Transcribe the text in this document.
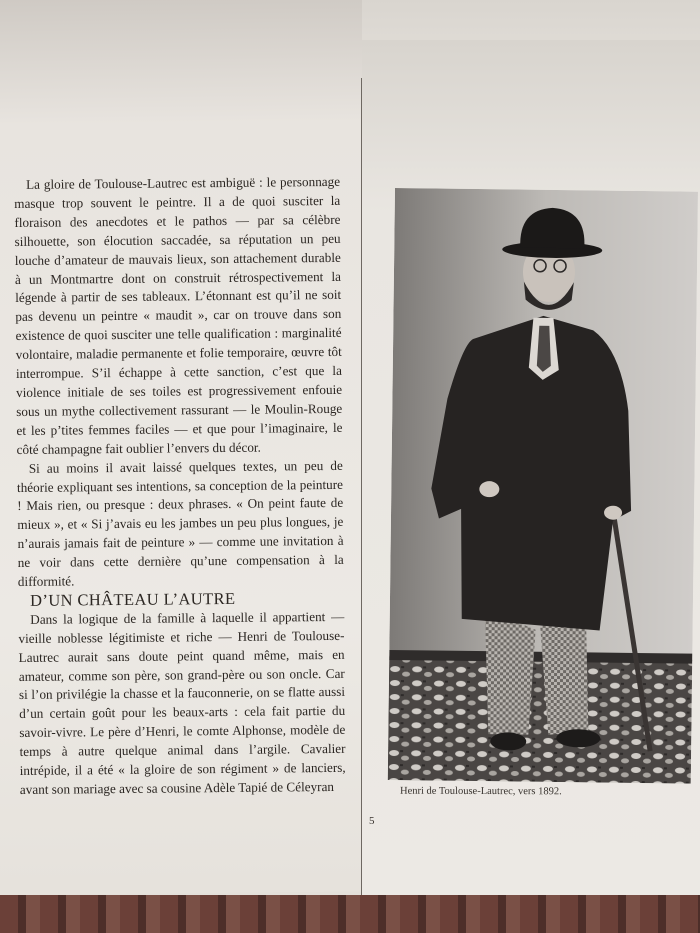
La gloire de Toulouse-Lautrec est ambiguë : le personnage masque trop souvent le peintre. Il a de quoi susciter la floraison des anecdotes et le pathos — par sa célèbre silhouette, son élocution saccadée, sa réputation un peu louche d’amateur de mauvais lieux, son attachement durable à un Montmartre dont on construit rétrospectivement la légende à partir de ses tableaux. L’étonnant est qu’il ne soit pas devenu un peintre « maudit », car on trouve dans son existence de quoi susciter une telle qualification : marginalité volontaire, maladie permanente et folie temporaire, œuvre tôt interrompue. S’il échappe à cette sanction, c’est que la violence initiale de ses toiles est progressivement enfouie sous un mythe collectivement rassurant — le Moulin-Rouge et les p’tites femmes faciles — et que pour l’imaginaire, le côté champagne fait oublier l’envers du décor.

Si au moins il avait laissé quelques textes, un peu de théorie expliquant ses intentions, sa conception de la peinture ! Mais rien, ou presque : deux phrases. « On peint faute de mieux », et « Si j’avais eu les jambes un peu plus longues, je n’aurais jamais fait de peinture » — comme une invitation à ne voir dans cette dernière qu’une compensation à la difformité.

D’UN CHÂTEAU L’AUTRE

Dans la logique de la famille à laquelle il appartient — vieille noblesse légitimiste et riche — Henri de Toulouse-Lautrec aurait sans doute peint quand même, mais en amateur, comme son père, son grand-père ou son oncle. Car si l’on privilégie la chasse et la fauconnerie, on se flatte aussi d’un certain goût pour les beaux-arts : cela fait partie du savoir-vivre. Le père d’Henri, le comte Alphonse, modèle de temps à autre quelque animal dans l’argile. Cavalier intrépide, il a été « la gloire de son régiment » de lanciers, avant son mariage avec sa cousine Adèle Tapié de Céleyran	Henri de Toulouse-Lautrec, vers 1892.
5
